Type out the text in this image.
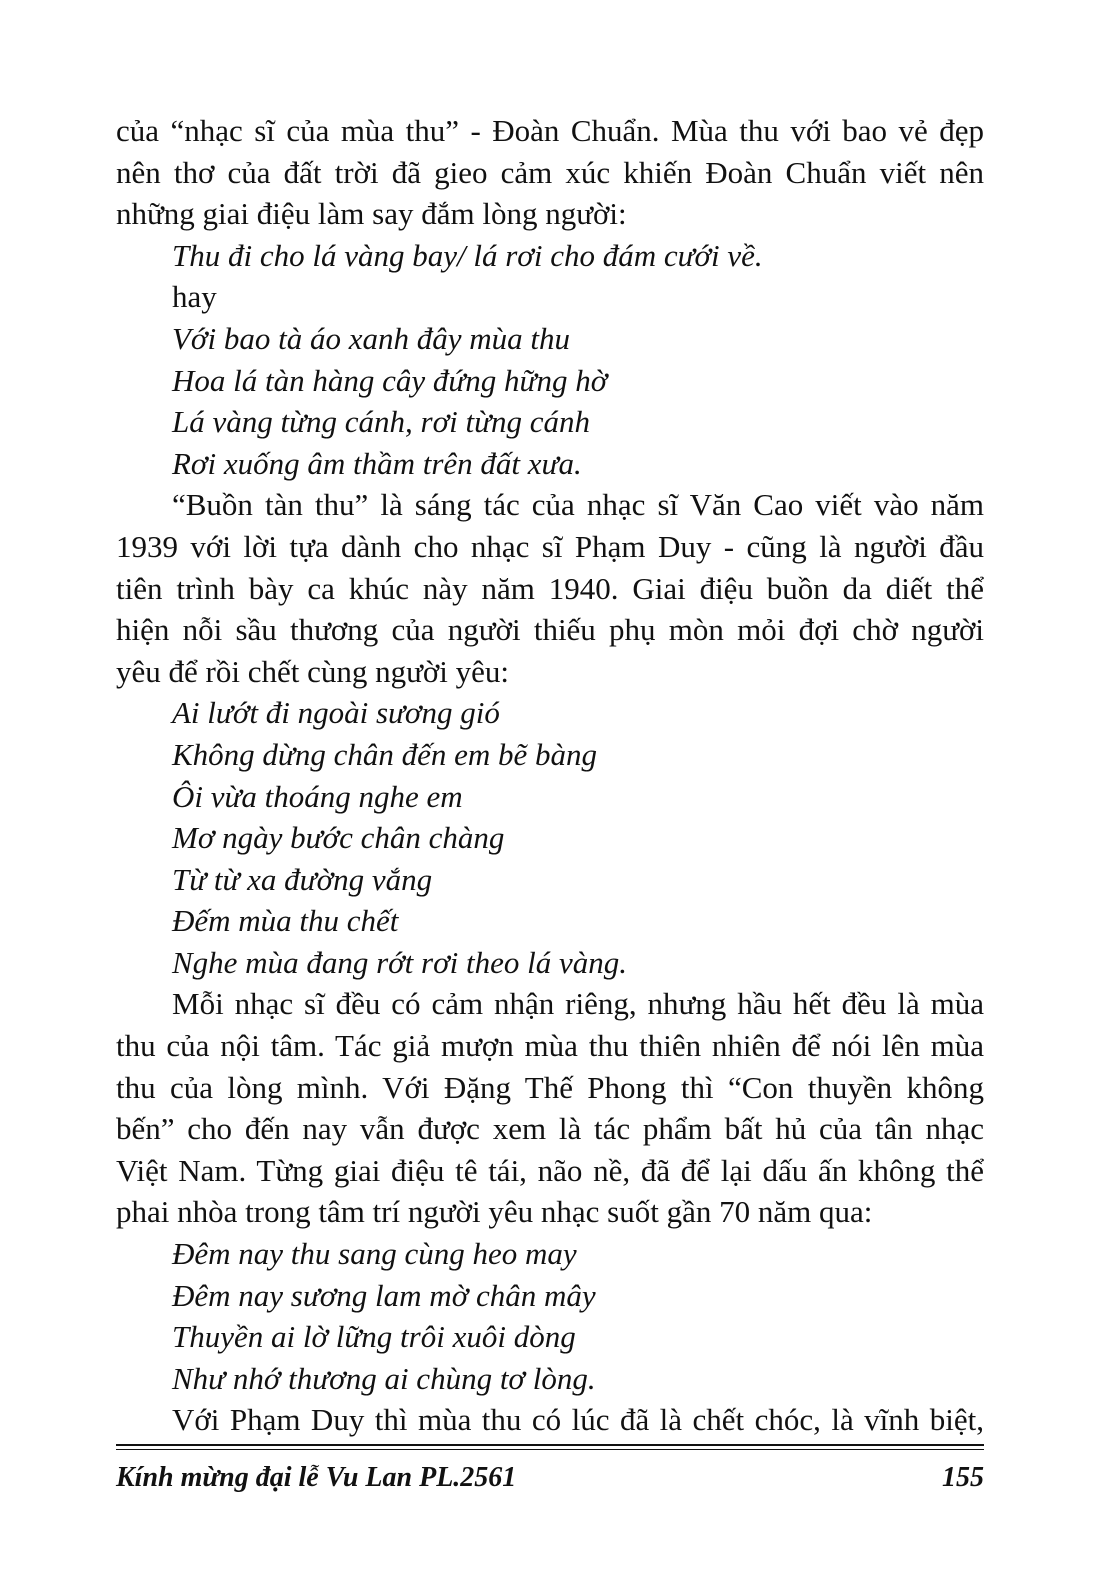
của “nhạc sĩ của mùa thu” - Đoàn Chuẩn. Mùa thu với bao vẻ đẹp
nên thơ của đất trời đã gieo cảm xúc khiến Đoàn Chuẩn viết nên
những giai điệu làm say đắm lòng người:
Thu đi cho lá vàng bay/ lá rơi cho đám cưới về.
hay
Với bao tà áo xanh đây mùa thu
Hoa lá tàn hàng cây đứng hững hờ
Lá vàng từng cánh, rơi từng cánh
Rơi xuống âm thầm trên đất xưa.
“Buồn tàn thu” là sáng tác của nhạc sĩ Văn Cao viết vào năm
1939 với lời tựa dành cho nhạc sĩ Phạm Duy - cũng là người đầu
tiên trình bày ca khúc này năm 1940. Giai điệu buồn da diết thể
hiện nỗi sầu thương của người thiếu phụ mòn mỏi đợi chờ người
yêu để rồi chết cùng người yêu:
Ai lướt đi ngoài sương gió
Không dừng chân đến em bẽ bàng
Ôi vừa thoáng nghe em
Mơ ngày bước chân chàng
Từ từ xa đường vắng
Đếm mùa thu chết
Nghe mùa đang rớt rơi theo lá vàng.
Mỗi nhạc sĩ đều có cảm nhận riêng, nhưng hầu hết đều là mùa
thu của nội tâm. Tác giả mượn mùa thu thiên nhiên để nói lên mùa
thu của lòng mình. Với Đặng Thế Phong thì “Con thuyền không
bến” cho đến nay vẫn được xem là tác phẩm bất hủ của tân nhạc
Việt Nam. Từng giai điệu tê tái, não nề, đã để lại dấu ấn không thể
phai nhòa trong tâm trí người yêu nhạc suốt gần 70 năm qua:
Đêm nay thu sang cùng heo may
Đêm nay sương lam mờ chân mây
Thuyền ai lờ lững trôi xuôi dòng
Như nhớ thương ai chùng tơ lòng.
Với Phạm Duy thì mùa thu có lúc đã là chết chóc, là vĩnh biệt,
Kính mừng đại lễ Vu Lan PL.2561	155
